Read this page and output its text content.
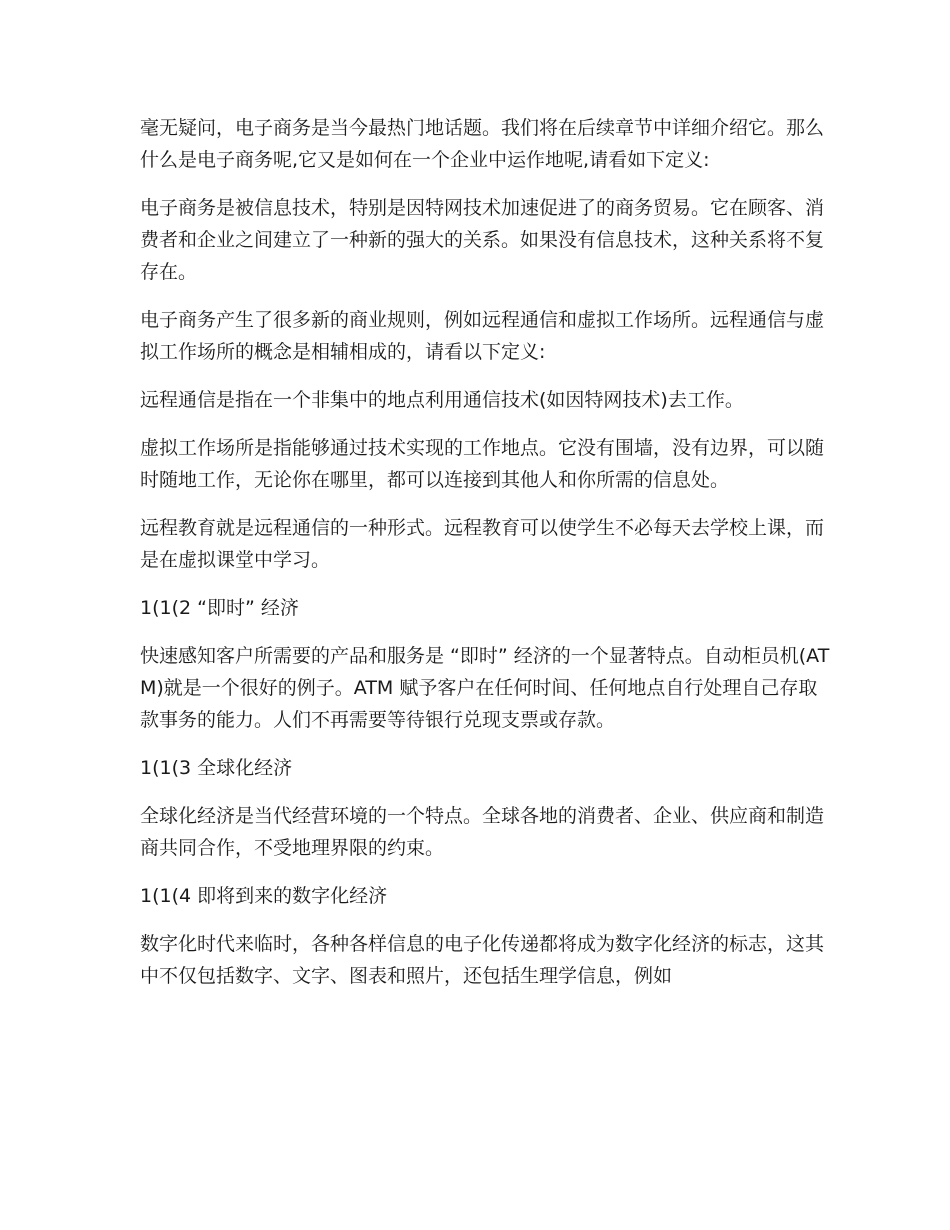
毫无疑问，电子商务是当今最热门地话题。我们将在后续章节中详细介绍它。那么什么是电子商务呢,它又是如何在一个企业中运作地呢,请看如下定义:

电子商务是被信息技术，特别是因特网技术加速促进了的商务贸易。它在顾客、消费者和企业之间建立了一种新的强大的关系。如果没有信息技术，这种关系将不复存在。

电子商务产生了很多新的商业规则，例如远程通信和虚拟工作场所。远程通信与虚拟工作场所的概念是相辅相成的，请看以下定义:

远程通信是指在一个非集中的地点利用通信技术(如因特网技术)去工作。

虚拟工作场所是指能够通过技术实现的工作地点。它没有围墙，没有边界，可以随时随地工作，无论你在哪里，都可以连接到其他人和你所需的信息处。

远程教育就是远程通信的一种形式。远程教育可以使学生不必每天去学校上课，而是在虚拟课堂中学习。

1(1(2 “即时” 经济

快速感知客户所需要的产品和服务是 “即时” 经济的一个显著特点。自动柜员机(ATM)就是一个很好的例子。ATM 赋予客户在任何时间、任何地点自行处理自己存取款事务的能力。人们不再需要等待银行兑现支票或存款。

1(1(3 全球化经济

全球化经济是当代经营环境的一个特点。全球各地的消费者、企业、供应商和制造商共同合作，不受地理界限的约束。

1(1(4 即将到来的数字化经济

数字化时代来临时，各种各样信息的电子化传递都将成为数字化经济的标志，这其中不仅包括数字、文字、图表和照片，还包括生理学信息，例如
